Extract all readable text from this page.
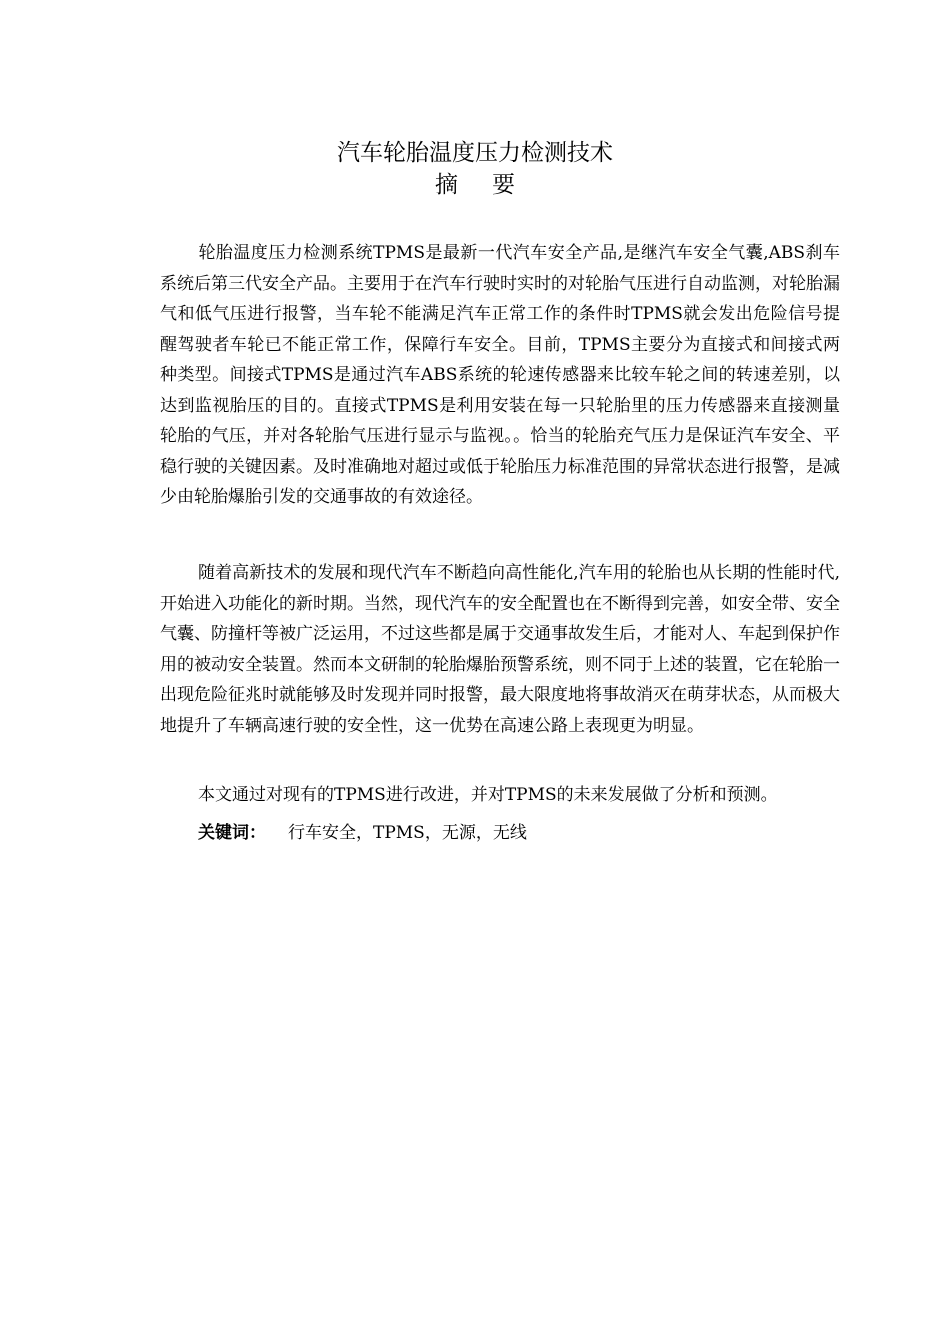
汽车轮胎温度压力检测技术
摘 要

轮胎温度压力检测系统TPMS是最新一代汽车安全产品,是继汽车安全气囊,ABS刹车系统后第三代安全产品。主要用于在汽车行驶时实时的对轮胎气压进行自动监测，对轮胎漏气和低气压进行报警，当车轮不能满足汽车正常工作的条件时TPMS就会发出危险信号提醒驾驶者车轮已不能正常工作，保障行车安全。目前，TPMS主要分为直接式和间接式两种类型。间接式TPMS是通过汽车ABS系统的轮速传感器来比较车轮之间的转速差别，以达到监视胎压的目的。直接式TPMS是利用安装在每一只轮胎里的压力传感器来直接测量轮胎的气压，并对各轮胎气压进行显示与监视。。恰当的轮胎充气压力是保证汽车安全、平稳行驶的关键因素。及时准确地对超过或低于轮胎压力标准范围的异常状态进行报警，是减少由轮胎爆胎引发的交通事故的有效途径。

随着高新技术的发展和现代汽车不断趋向高性能化,汽车用的轮胎也从长期的性能时代,开始进入功能化的新时期。当然，现代汽车的安全配置也在不断得到完善，如安全带、安全气囊、防撞杆等被广泛运用，不过这些都是属于交通事故发生后，才能对人、车起到保护作用的被动安全装置。然而本文研制的轮胎爆胎预警系统，则不同于上述的装置，它在轮胎一出现危险征兆时就能够及时发现并同时报警，最大限度地将事故消灭在萌芽状态，从而极大地提升了车辆高速行驶的安全性，这一优势在高速公路上表现更为明显。

本文通过对现有的TPMS进行改进，并对TPMS的未来发展做了分析和预测。

关键词： 行车安全，TPMS，无源，无线
